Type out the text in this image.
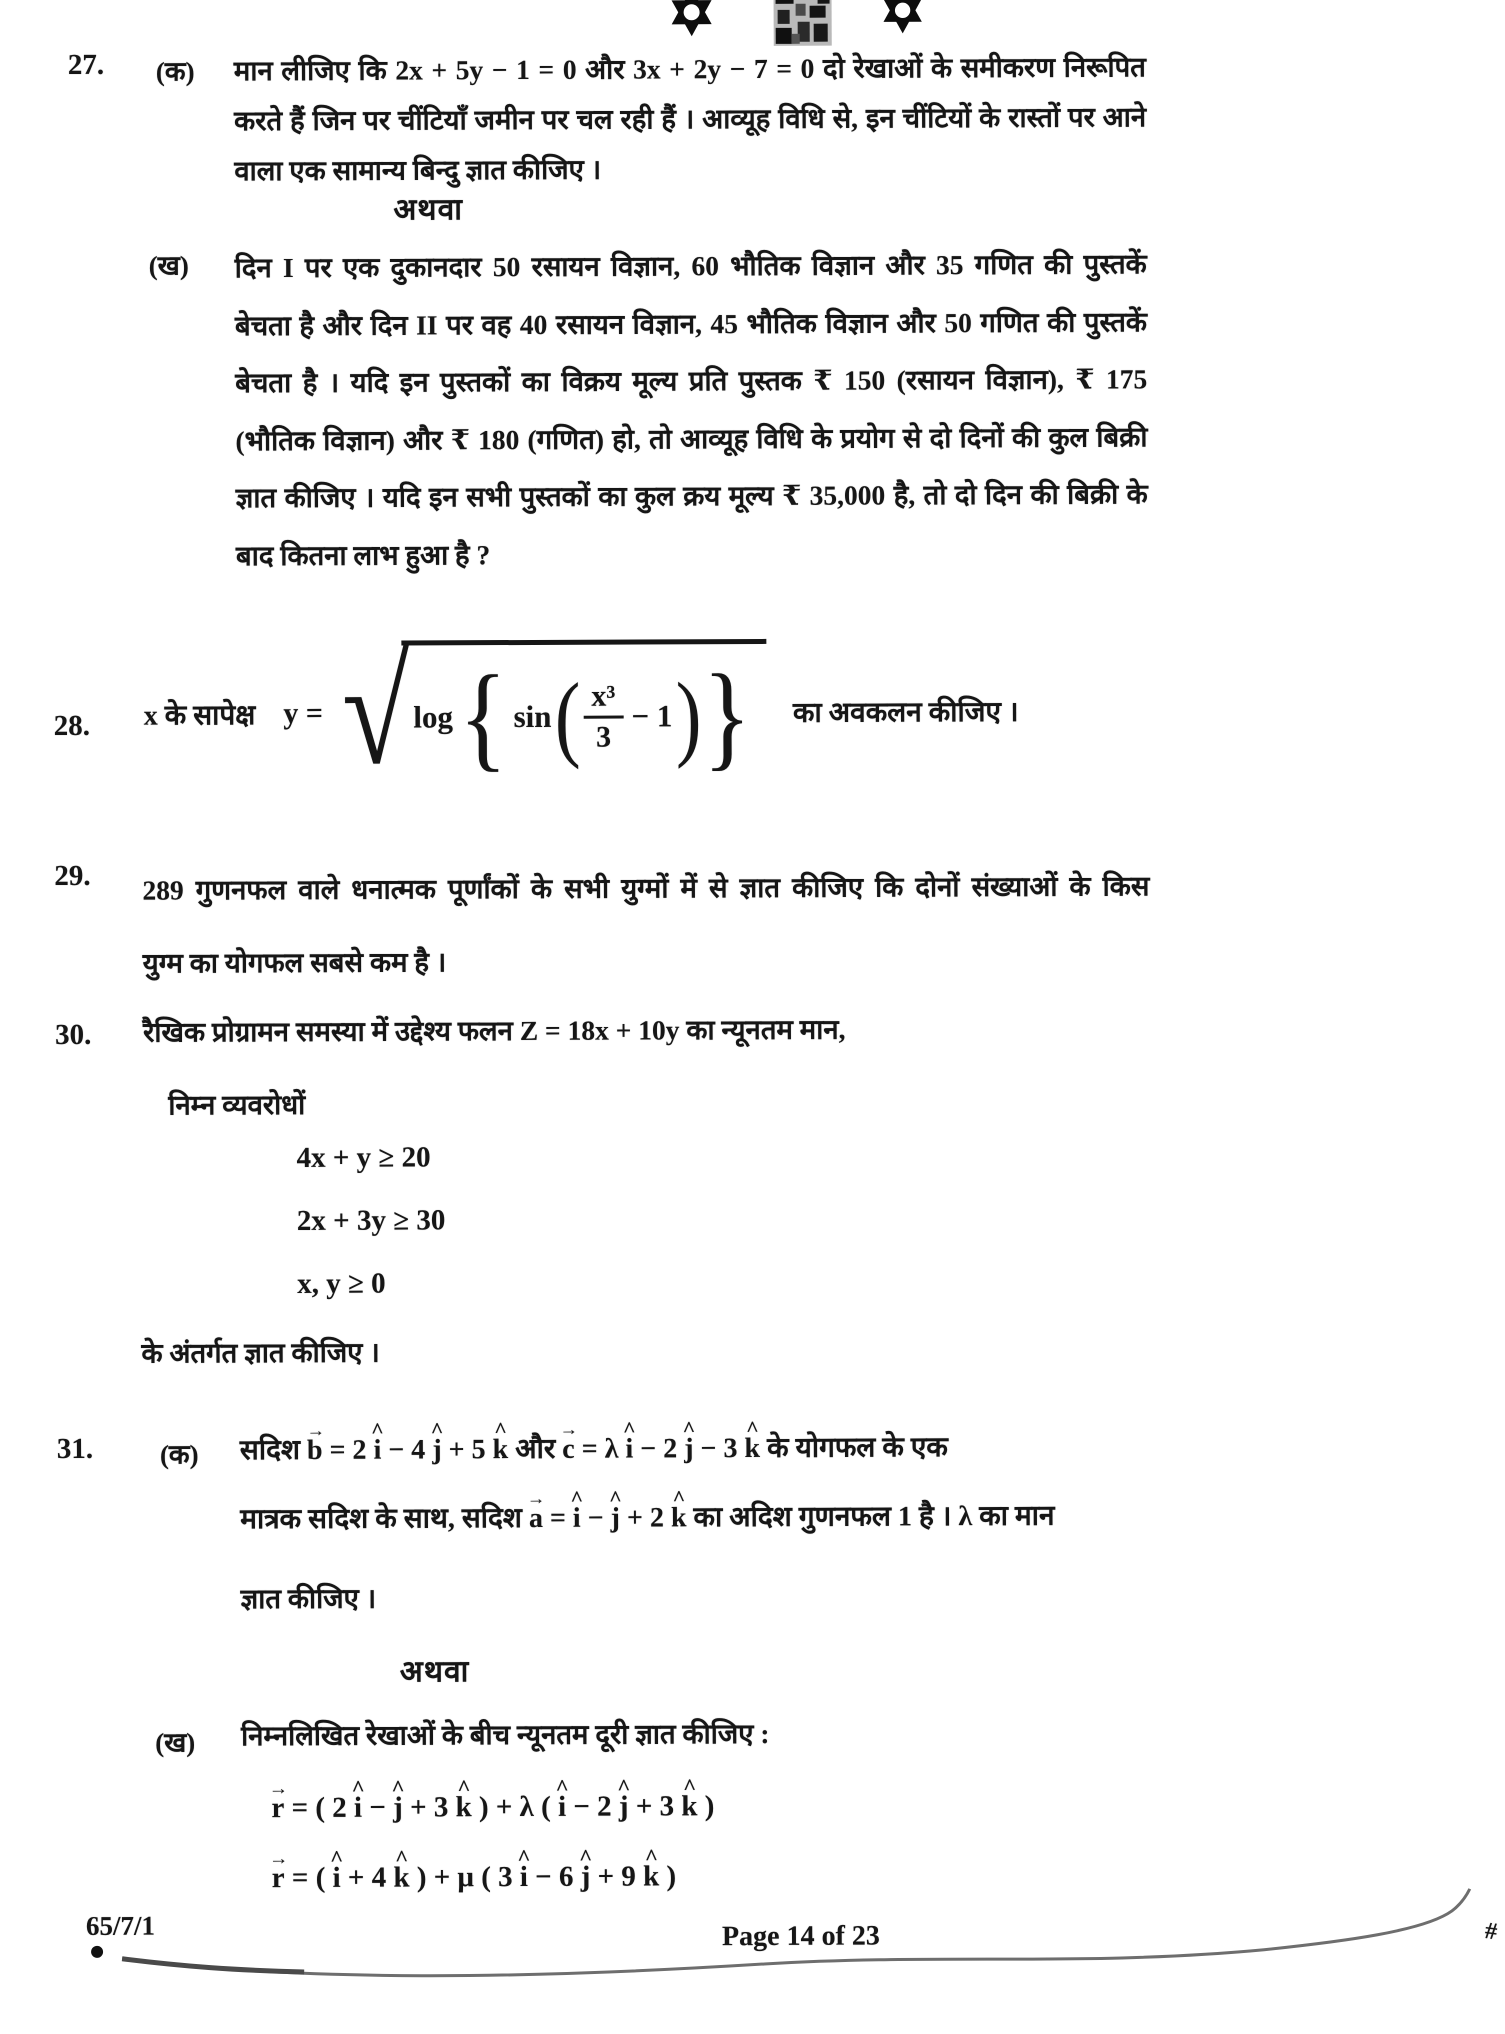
27. (क) मान लीजिए कि 2x + 5y − 1 = 0 और 3x + 2y − 7 = 0 दो रेखाओं के समीकरण निरूपित
करते हैं जिन पर चींटियाँ जमीन पर चल रही हैं । आव्यूह विधि से, इन चींटियों के रास्तों पर आने
वाला एक सामान्य बिन्दु ज्ञात कीजिए ।
अथवा
(ख) दिन I पर एक दुकानदार 50 रसायन विज्ञान, 60 भौतिक विज्ञान और 35 गणित की पुस्तकें
बेचता है और दिन II पर वह 40 रसायन विज्ञान, 45 भौतिक विज्ञान और 50 गणित की पुस्तकें
बेचता है । यदि इन पुस्तकों का विक्रय मूल्य प्रति पुस्तक ₹ 150 (रसायन विज्ञान), ₹ 175
(भौतिक विज्ञान) और ₹ 180 (गणित) हो, तो आव्यूह विधि के प्रयोग से दो दिनों की कुल बिक्री
ज्ञात कीजिए । यदि इन सभी पुस्तकों का कुल क्रय मूल्य ₹ 35,000 है, तो दो दिन की बिक्री के
बाद कितना लाभ हुआ है ?
28. x के सापेक्ष y = √ log { sin ( $\frac{\text{x³}}{3} - 1$ ) } का अवकलन कीजिए ।
29. 289 गुणनफल वाले धनात्मक पूर्णांकों के सभी युग्मों में से ज्ञात कीजिए कि दोनों संख्याओं के किस
युग्म का योगफल सबसे कम है ।
30. रैखिक प्रोग्रामन समस्या में उद्देश्य फलन Z = 18x + 10y का न्यूनतम मान,
निम्न व्यवरोधों
4x + y ≥ 20
2x + 3y ≥ 30
x, y ≥ 0
के अंतर्गत ज्ञात कीजिए ।
31. (क) सदिश → b = 2 ^ i − 4 ^ j + 5 ^ k और → c = λ ^ i − 2 ^ j − 3 ^ k के योगफल के एक
मात्रक सदिश के साथ, सदिश → a = ^ i − ^ j + 2 ^ k का अदिश गुणनफल 1 है । λ का मान
ज्ञात कीजिए ।
अथवा
(ख) निम्नलिखित रेखाओं के बीच न्यूनतम दूरी ज्ञात कीजिए :
→ r = ( 2 ^ i − ^ j + 3 ^ k ) + λ ( ^ i − 2 ^ j + 3 ^ k )
→ r = ( ^ i + 4 ^ k ) + μ ( 3 ^ i − 6 ^ j + 9 ^ k )
65/7/1	Page 14 of 23	#
